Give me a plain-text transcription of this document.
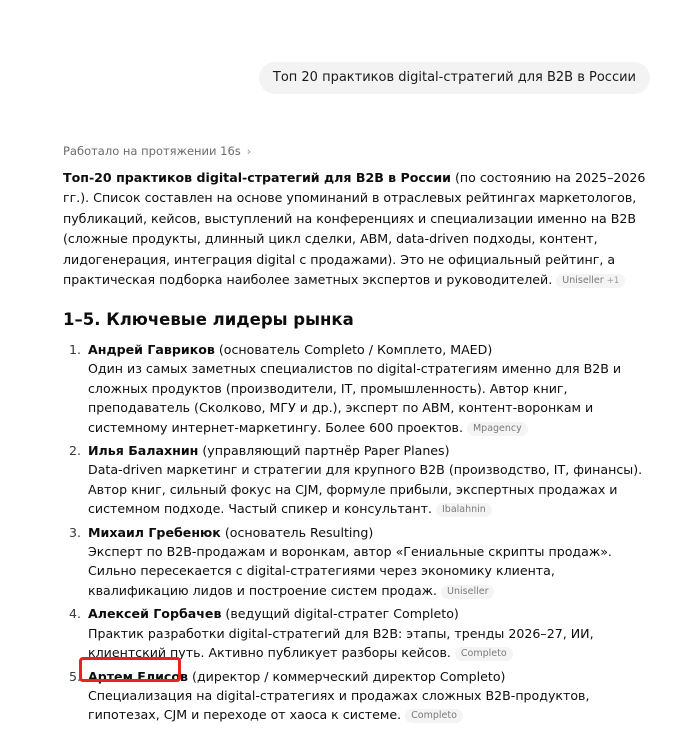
Топ 20 практиков digital-стратегий для B2B в России
Работало на протяжении 16s ›

Топ-20 практиков digital-стратегий для B2B в России (по состоянию на 2025–2026 гг.). Список составлен на основе упоминаний в отраслевых рейтингах маркетологов, публикаций, кейсов, выступлений на конференциях и специализации именно на B2B (сложные продукты, длинный цикл сделки, ABM, data-driven подходы, контент, лидогенерация, интеграция digital с продажами). Это не официальный рейтинг, а практическая подборка наиболее заметных экспертов и руководителей. Uniseller +1

1–5. Ключевые лидеры рынка
1. Андрей Гавриков (основатель Completo / Комплето, MAED)
Один из самых заметных специалистов по digital-стратегиям именно для B2B и сложных продуктов (производители, IT, промышленность). Автор книг, преподаватель (Сколково, МГУ и др.), эксперт по ABM, контент-воронкам и системному интернет-маркетингу. Более 600 проектов. Mpagency
2. Илья Балахнин (управляющий партнёр Paper Planes)
Data-driven маркетинг и стратегии для крупного B2B (производство, IT, финансы). Автор книг, сильный фокус на CJM, формуле прибыли, экспертных продажах и системном подходе. Частый спикер и консультант. Ibalahnin
3. Михаил Гребенюк (основатель Resulting)
Эксперт по B2B-продажам и воронкам, автор «Гениальные скрипты продаж». Сильно пересекается с digital-стратегиями через экономику клиента, квалификацию лидов и построение систем продаж. Uniseller
4. Алексей Горбачев (ведущий digital-стратег Completo)
Практик разработки digital-стратегий для B2B: этапы, тренды 2026–27, ИИ, клиентский путь. Активно публикует разборы кейсов. Completo
5. Артем Елисов (директор / коммерческий директор Completo)
Специализация на digital-стратегиях и продажах сложных B2B-продуктов, гипотезах, CJM и переходе от хаоса к системе. Completo
